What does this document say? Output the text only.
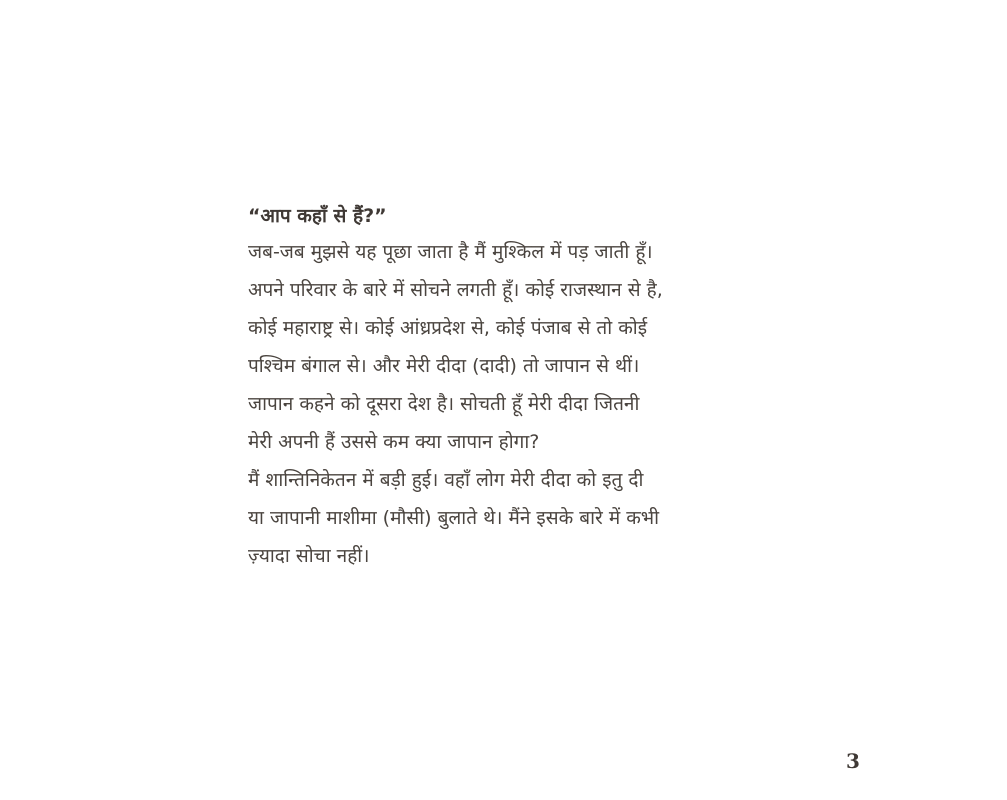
“आप कहाँ से हैं?”
जब-जब मुझसे यह पूछा जाता है मैं मुश्किल में पड़ जाती हूँ।
अपने परिवार के बारे में सोचने लगती हूँ। कोई राजस्थान से है,
कोई महाराष्ट्र से। कोई आंध्रप्रदेश से, कोई पंजाब से तो कोई
पश्चिम बंगाल से। और मेरी दीदा (दादी) तो जापान से थीं।
जापान कहने को दूसरा देश है। सोचती हूँ मेरी दीदा जितनी
मेरी अपनी हैं उससे कम क्या जापान होगा?
मैं शान्तिनिकेतन में बड़ी हुई। वहाँ लोग मेरी दीदा को इतु दी
या जापानी माशीमा (मौसी) बुलाते थे। मैंने इसके बारे में कभी
ज़्यादा सोचा नहीं।
3
